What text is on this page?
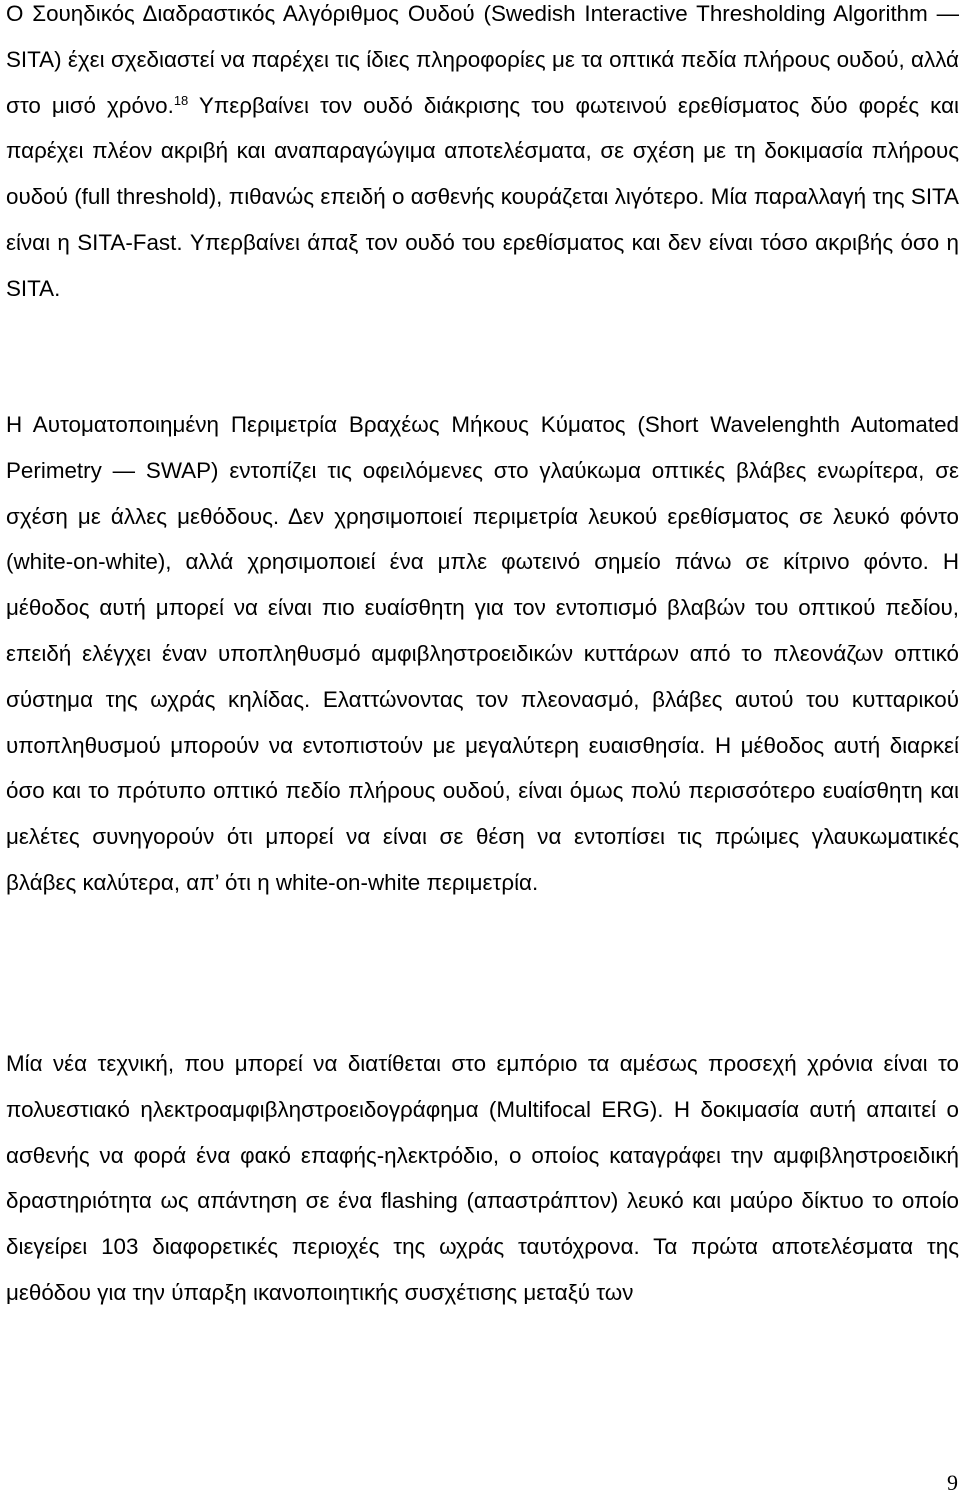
Ο Σουηδικός Διαδραστικός Αλγόριθμος Ουδού (Swedish Interactive Thresholding Algorithm — SITA) έχει σχεδιαστεί να παρέχει τις ίδιες πληροφορίες με τα οπτικά πεδία πλήρους ουδού, αλλά στο μισό χρόνο.$^{18}$ Υπερβαίνει τον ουδό διάκρισης του φωτεινού ερεθίσματος δύο φορές και παρέχει πλέον ακριβή και αναπαραγώγιμα αποτελέσματα, σε σχέση με τη δοκιμασία πλήρους ουδού (full threshold), πιθανώς επειδή ο ασθενής κουράζεται λιγότερο. Μία παραλλαγή της SITA είναι η SITA-Fast. Υπερβαίνει άπαξ τον ουδό του ερεθίσματος και δεν είναι τόσο ακριβής όσο η SITA.

Η Αυτοματοποιημένη Περιμετρία Βραχέως Μήκους Κύματος (Short Wavelenghth Automated Perimetry — SWAP) εντοπίζει τις οφειλόμενες στο γλαύκωμα οπτικές βλάβες ενωρίτερα, σε σχέση με άλλες μεθόδους. Δεν χρησιμοποιεί περιμετρία λευκού ερεθίσματος σε λευκό φόντο (white-on-white), αλλά χρησιμοποιεί ένα μπλε φωτεινό σημείο πάνω σε κίτρινο φόντο. Η μέθοδος αυτή μπορεί να είναι πιο ευαίσθητη για τον εντοπισμό βλαβών του οπτικού πεδίου, επειδή ελέγχει έναν υποπληθυσμό αμφιβληστροειδικών κυττάρων από το πλεονάζων οπτικό σύστημα της ωχράς κηλίδας. Ελαττώνοντας τον πλεονασμό, βλάβες αυτού του κυτταρικού υποπληθυσμού μπορούν να εντοπιστούν με μεγαλύτερη ευαισθησία. Η μέθοδος αυτή διαρκεί όσο και το πρότυπο οπτικό πεδίο πλήρους ουδού, είναι όμως πολύ περισσότερο ευαίσθητη και μελέτες συνηγορούν ότι μπορεί να είναι σε θέση να εντοπίσει τις πρώιμες γλαυκωματικές βλάβες καλύτερα, απ’ ότι η white-on-white περιμετρία.

Μία νέα τεχνική, που μπορεί να διατίθεται στο εμπόριο τα αμέσως προσεχή χρόνια είναι το πολυεστιακό ηλεκτροαμφιβληστροειδογράφημα (Multifocal ERG). Η δοκιμασία αυτή απαιτεί ο ασθενής να φορά ένα φακό επαφής-ηλεκτρόδιο, ο οποίος καταγράφει την αμφιβληστροειδική δραστηριότητα ως απάντηση σε ένα flashing (απαστράπτον) λευκό και μαύρο δίκτυο το οποίο διεγείρει 103 διαφορετικές περιοχές της ωχράς ταυτόχρονα. Τα πρώτα αποτελέσματα της μεθόδου για την ύπαρξη ικανοποιητικής συσχέτισης μεταξύ των

9
